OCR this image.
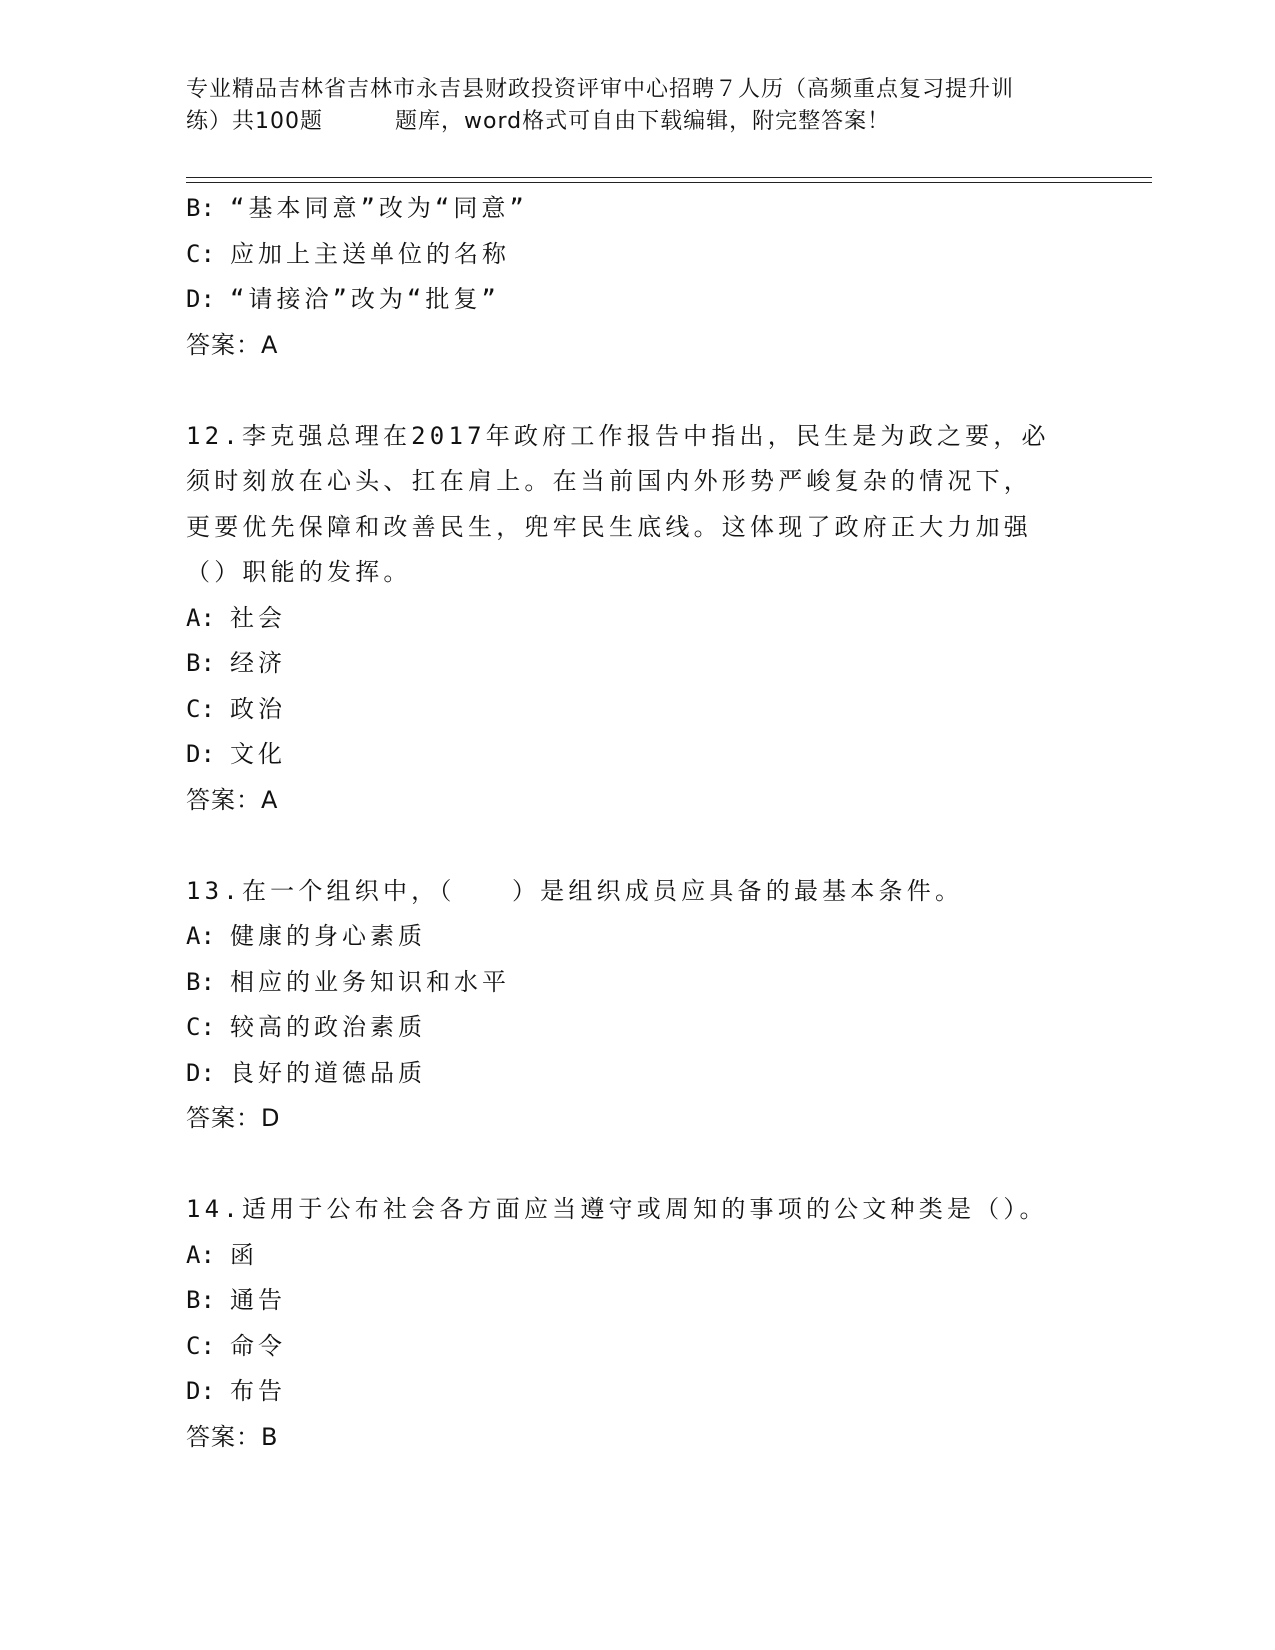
专业精品吉林省吉林市永吉县财政投资评审中心招聘７人历（高频重点复习提升训
练）共100题	题库，word格式可自由下载编辑，附完整答案！
B: “基本同意”改为“同意”
C: 应加上主送单位的名称
D: “请接洽”改为“批复”
答案：A
12.李克强总理在2017年政府工作报告中指出，民生是为政之要，必
须时刻放在心头、扛在肩上。在当前国内外形势严峻复杂的情况下，
更要优先保障和改善民生，兜牢民生底线。这体现了政府正大力加强
（）职能的发挥。
A: 社会
B: 经济
C: 政治
D: 文化
答案：A
13.在一个组织中，（　　）是组织成员应具备的最基本条件。
A: 健康的身心素质
B: 相应的业务知识和水平
C: 较高的政治素质
D: 良好的道德品质
答案：D
14.适用于公布社会各方面应当遵守或周知的事项的公文种类是（）。
A: 函
B: 通告
C: 命令
D: 布告
答案：B
